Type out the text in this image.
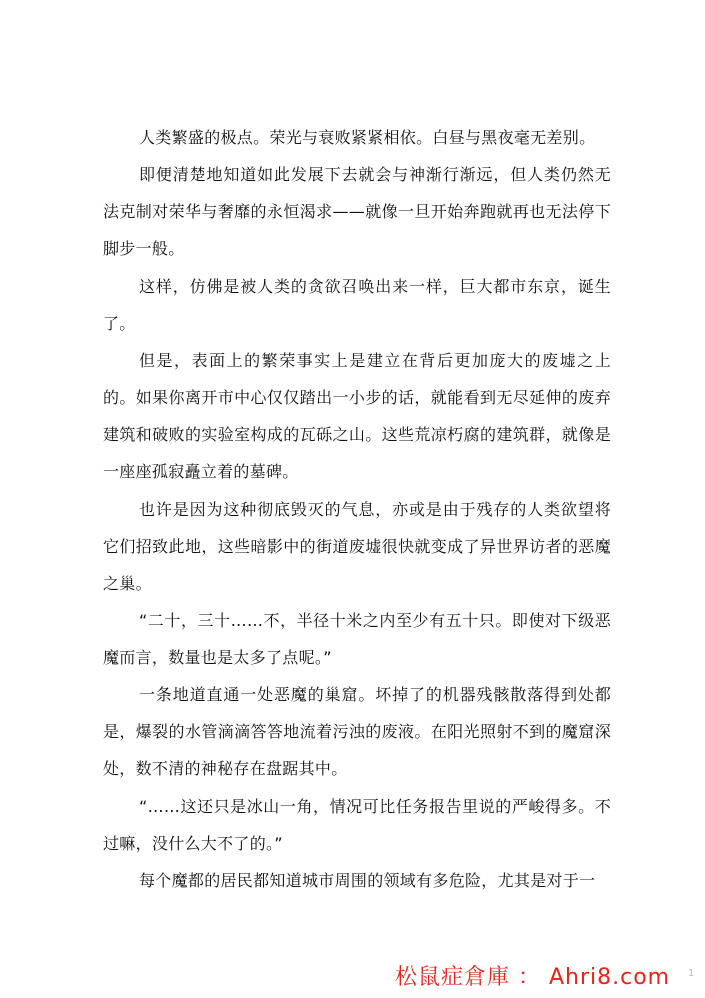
人类繁盛的极点。荣光与衰败紧紧相依。白昼与黑夜毫无差别。

即便清楚地知道如此发展下去就会与神渐行渐远，但人类仍然无法克制对荣华与奢靡的永恒渴求——就像一旦开始奔跑就再也无法停下脚步一般。

这样，仿佛是被人类的贪欲召唤出来一样，巨大都市东京，诞生了。

但是，表面上的繁荣事实上是建立在背后更加庞大的废墟之上的。如果你离开市中心仅仅踏出一小步的话，就能看到无尽延伸的废弃建筑和破败的实验室构成的瓦砾之山。这些荒凉朽腐的建筑群，就像是一座座孤寂矗立着的墓碑。

也许是因为这种彻底毁灭的气息，亦或是由于残存的人类欲望将它们招致此地，这些暗影中的街道废墟很快就变成了异世界访者的恶魔之巢。

“二十，三十……不，半径十米之内至少有五十只。即使对下级恶魔而言，数量也是太多了点呢。”

一条地道直通一处恶魔的巢窟。坏掉了的机器残骸散落得到处都是，爆裂的水管滴滴答答地流着污浊的废液。在阳光照射不到的魔窟深处，数不清的神秘存在盘踞其中。

“……这还只是冰山一角，情况可比任务报告里说的严峻得多。不过嘛，没什么大不了的。”

每个魔都的居民都知道城市周围的领域有多危险，尤其是对于一

松鼠症倉庫 ： Ahri8.com 1
